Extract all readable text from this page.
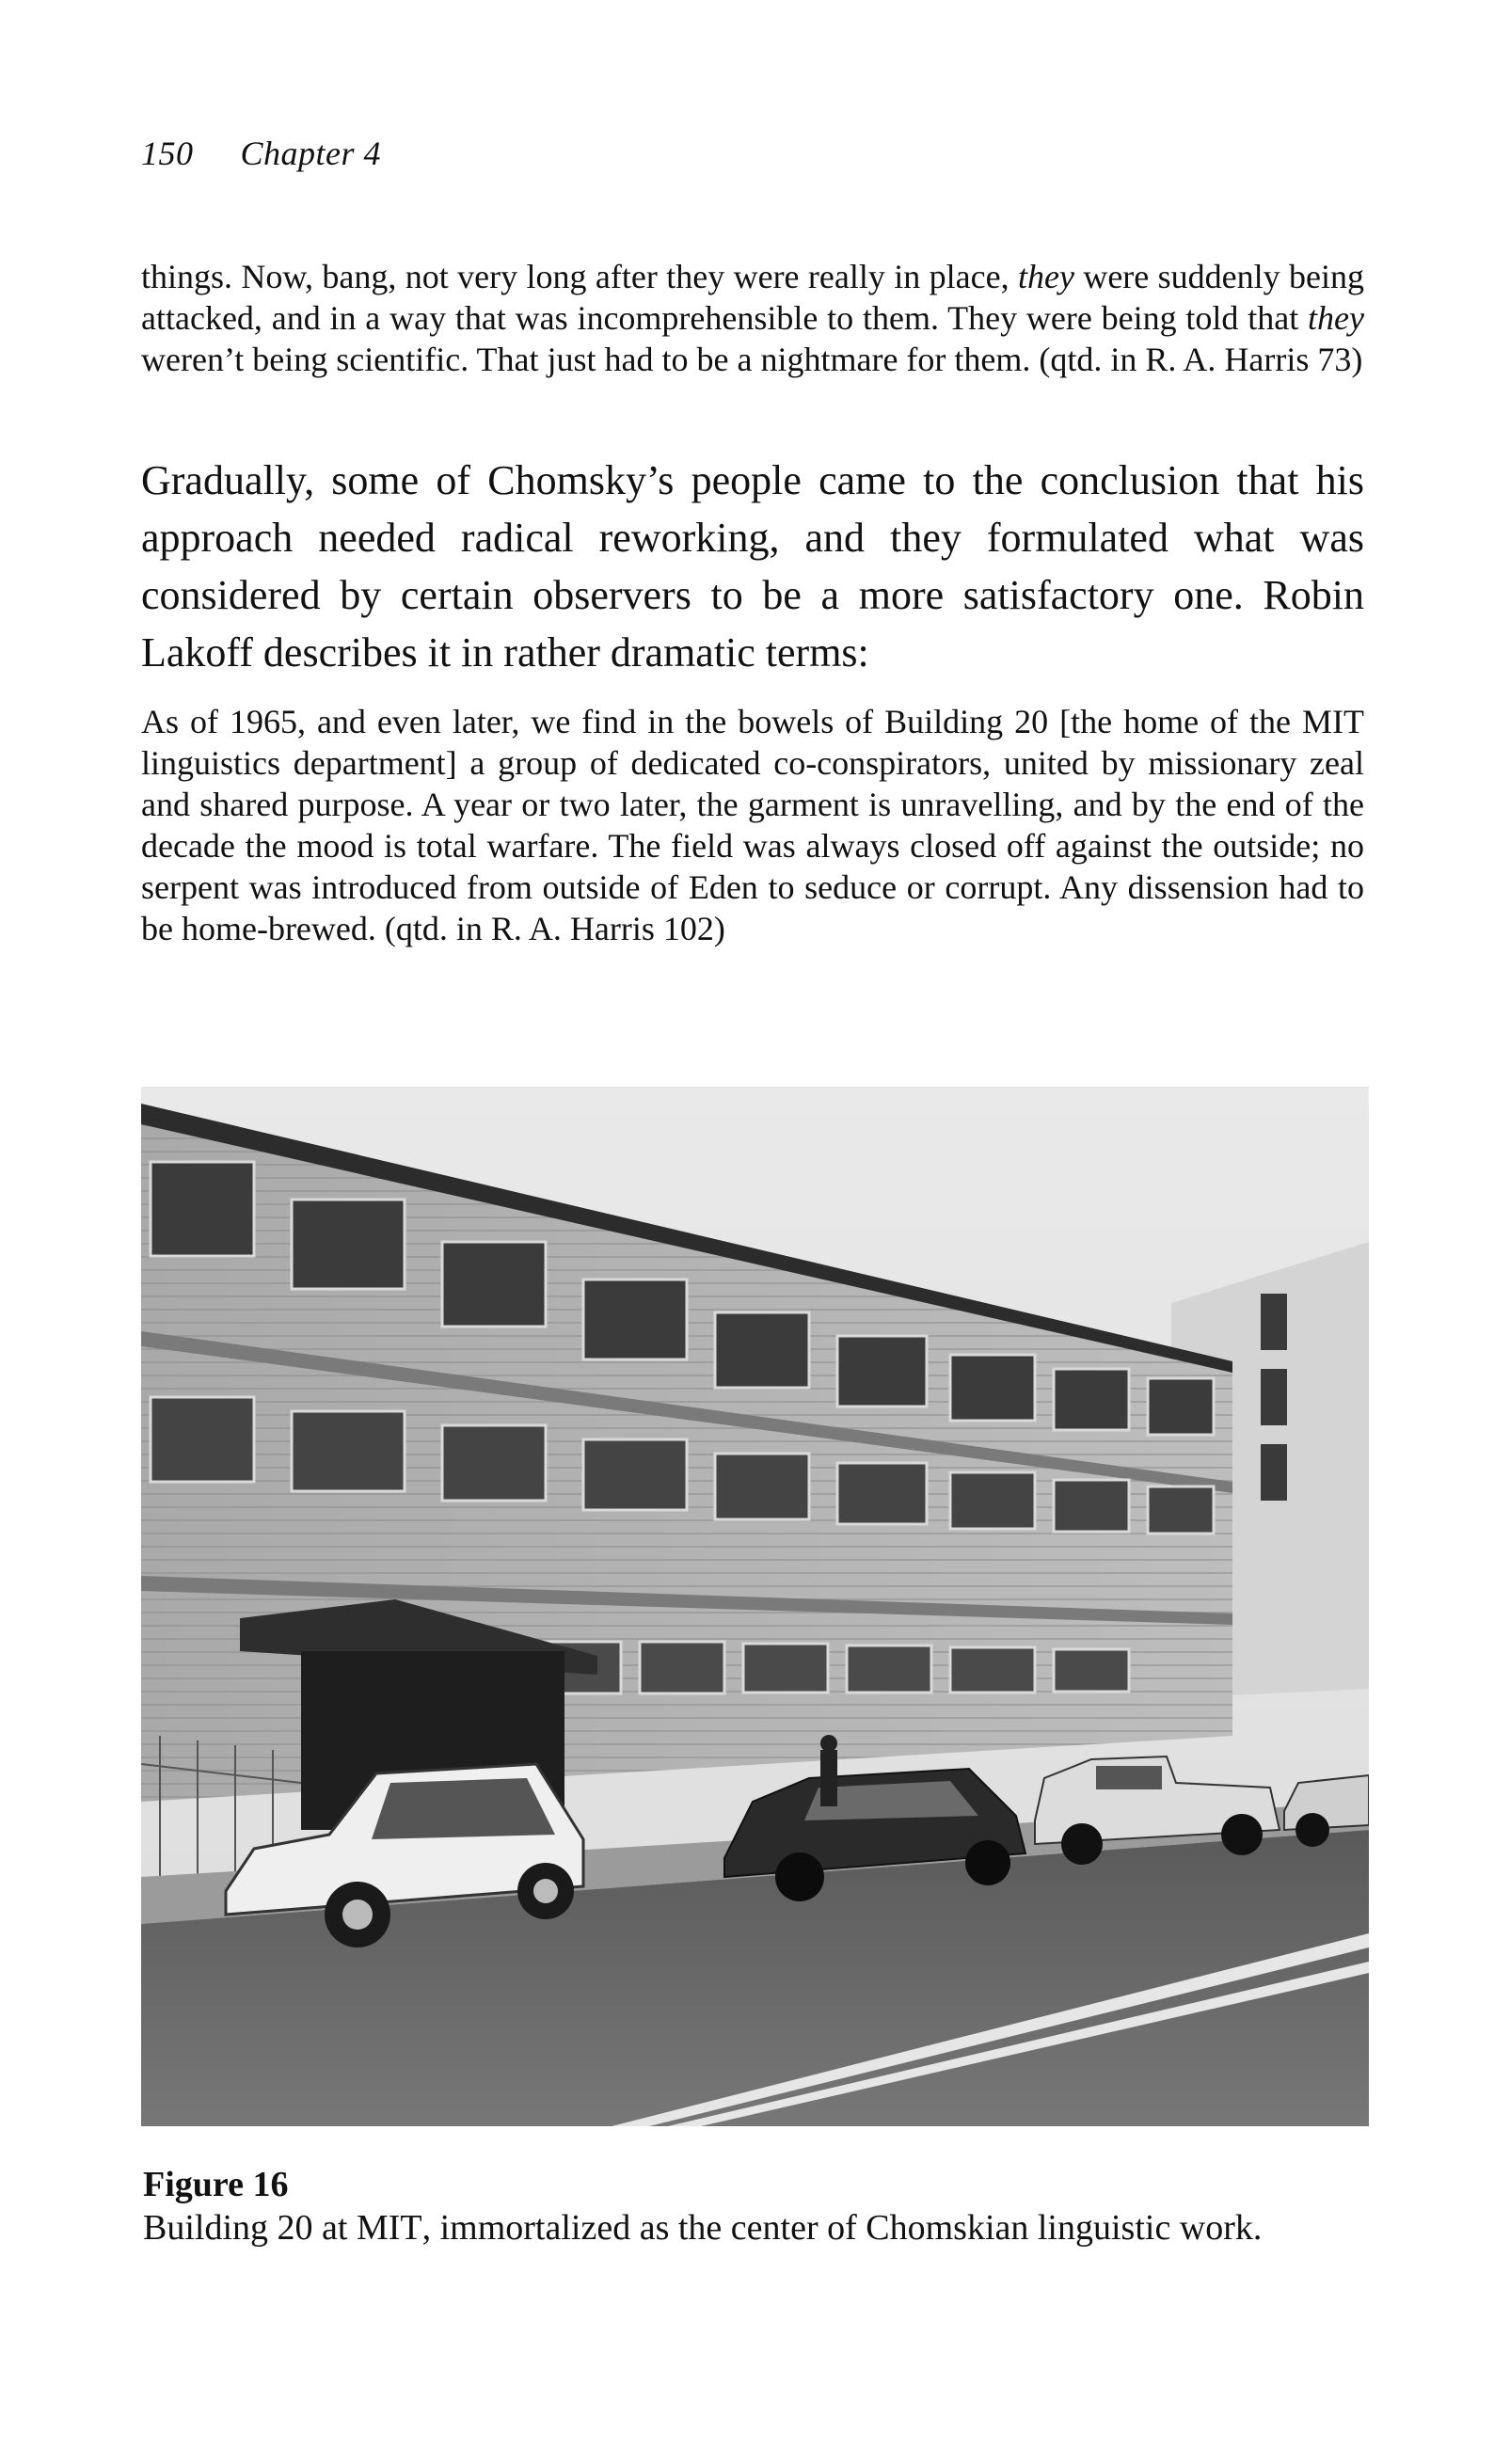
150 Chapter 4

things. Now, bang, not very long after they were really in place, they were suddenly being attacked, and in a way that was incomprehensible to them. They were being told that they weren’t being scientific. That just had to be a nightmare for them. (qtd. in R. A. Harris 73)

Gradually, some of Chomsky’s people came to the conclusion that his approach needed radical reworking, and they formulated what was considered by certain observers to be a more satisfactory one. Robin Lakoff describes it in rather dramatic terms:

As of 1965, and even later, we find in the bowels of Building 20 [the home of the MIT linguistics department] a group of dedicated co-conspirators, united by missionary zeal and shared purpose. A year or two later, the garment is unravelling, and by the end of the decade the mood is total warfare. The field was always closed off against the outside; no serpent was introduced from outside of Eden to seduce or corrupt. Any dissension had to be home-brewed. (qtd. in R. A. Harris 102)

Figure 16
Building 20 at MIT, immortalized as the center of Chomskian linguistic work.
